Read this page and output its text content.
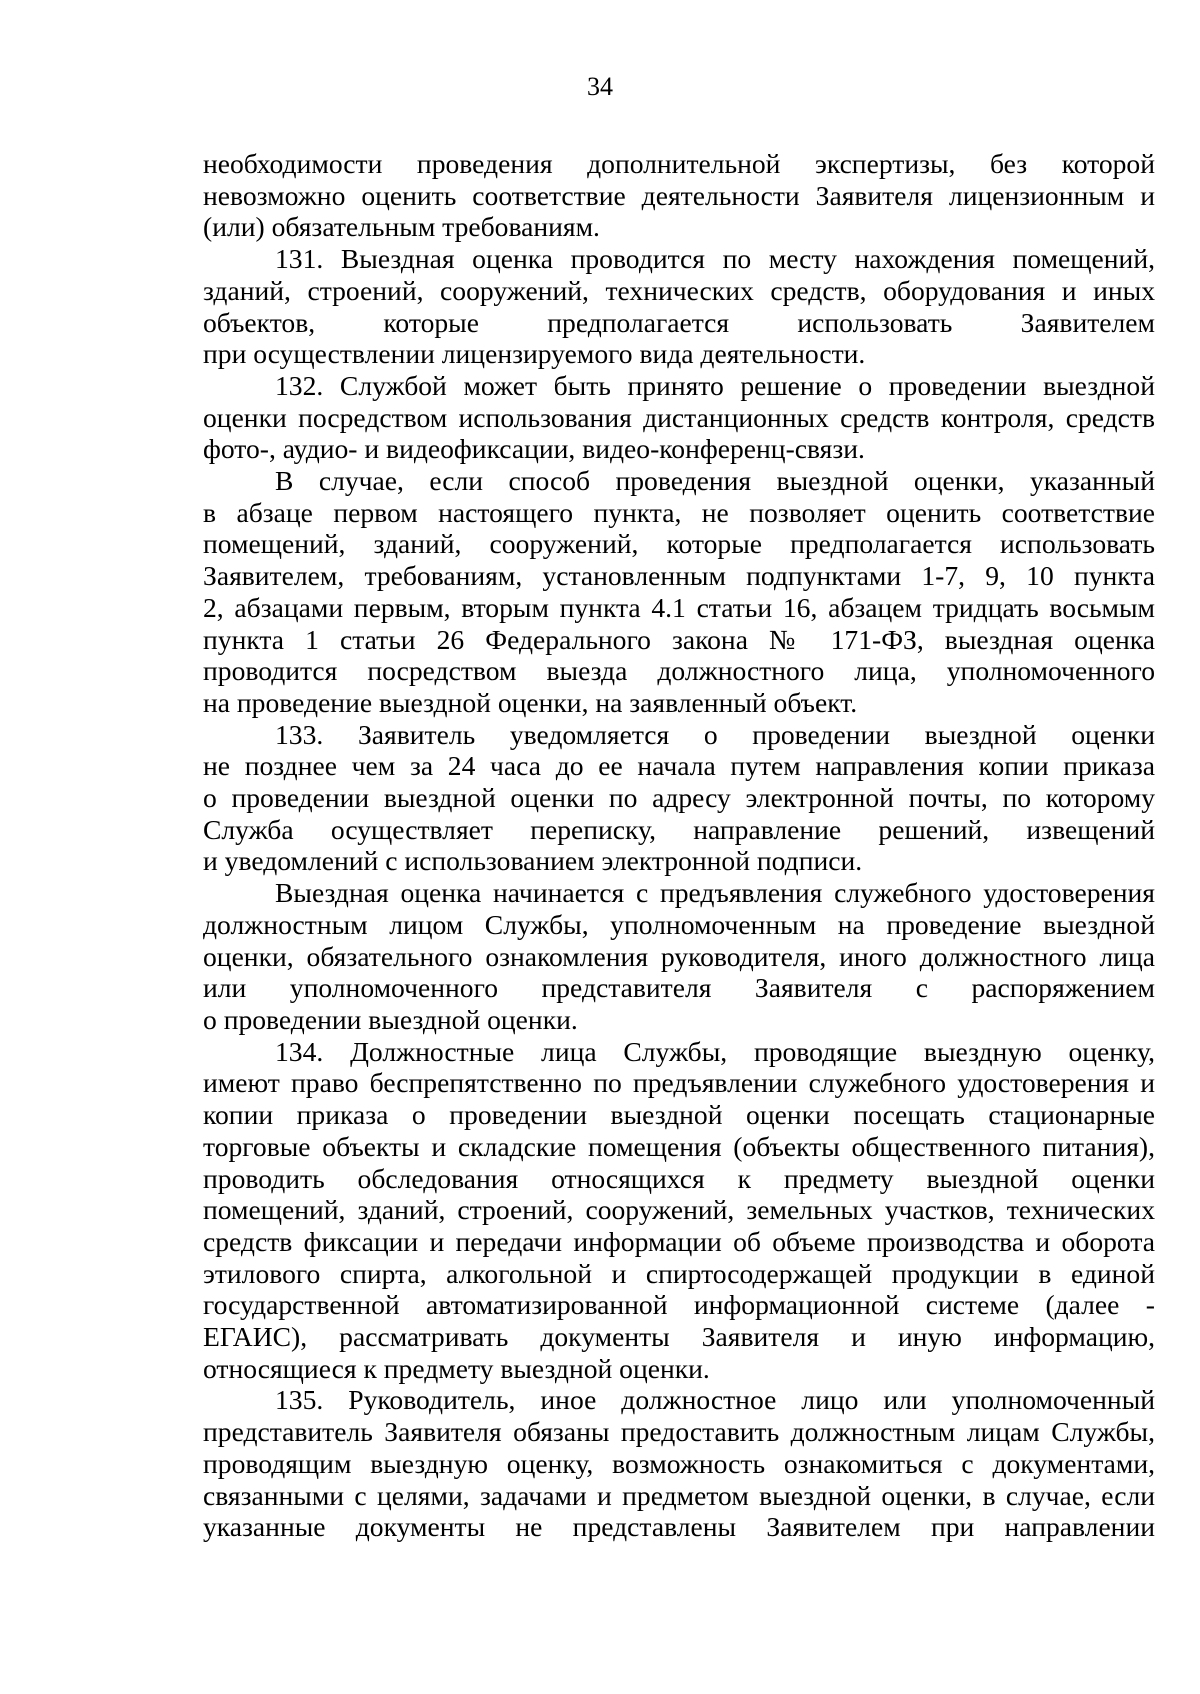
34

необходимости проведения дополнительной экспертизы, без которой
невозможно оценить соответствие деятельности Заявителя лицензионным и
(или) обязательным требованиям.

131. Выездная оценка проводится по месту нахождения помещений,
зданий, строений, сооружений, технических средств, оборудования и иных
объектов, которые предполагается использовать Заявителем
при осуществлении лицензируемого вида деятельности.

132. Службой может быть принято решение о проведении выездной
оценки посредством использования дистанционных средств контроля, средств
фото-, аудио- и видеофиксации, видео-конференц-связи.

В случае, если способ проведения выездной оценки, указанный
в абзаце первом настоящего пункта, не позволяет оценить соответствие
помещений, зданий, сооружений, которые предполагается использовать
Заявителем, требованиям, установленным подпунктами 1-7, 9, 10 пункта
2, абзацами первым, вторым пункта 4.1 статьи 16, абзацем тридцать восьмым
пункта 1 статьи 26 Федерального закона № 171-ФЗ, выездная оценка
проводится посредством выезда должностного лица, уполномоченного
на проведение выездной оценки, на заявленный объект.

133. Заявитель уведомляется о проведении выездной оценки
не позднее чем за 24 часа до ее начала путем направления копии приказа
о проведении выездной оценки по адресу электронной почты, по которому
Служба осуществляет переписку, направление решений, извещений
и уведомлений с использованием электронной подписи.

Выездная оценка начинается с предъявления служебного удостоверения
должностным лицом Службы, уполномоченным на проведение выездной
оценки, обязательного ознакомления руководителя, иного должностного лица
или уполномоченного представителя Заявителя с распоряжением
о проведении выездной оценки.

134. Должностные лица Службы, проводящие выездную оценку,
имеют право беспрепятственно по предъявлении служебного удостоверения и
копии приказа о проведении выездной оценки посещать стационарные
торговые объекты и складские помещения (объекты общественного питания),
проводить обследования относящихся к предмету выездной оценки
помещений, зданий, строений, сооружений, земельных участков, технических
средств фиксации и передачи информации об объеме производства и оборота
этилового спирта, алкогольной и спиртосодержащей продукции в единой
государственной автоматизированной информационной системе (далее -
ЕГАИС), рассматривать документы Заявителя и иную информацию,
относящиеся к предмету выездной оценки.

135. Руководитель, иное должностное лицо или уполномоченный
представитель Заявителя обязаны предоставить должностным лицам Службы,
проводящим выездную оценку, возможность ознакомиться с документами,
связанными с целями, задачами и предметом выездной оценки, в случае, если
указанные документы не представлены Заявителем при направлении
